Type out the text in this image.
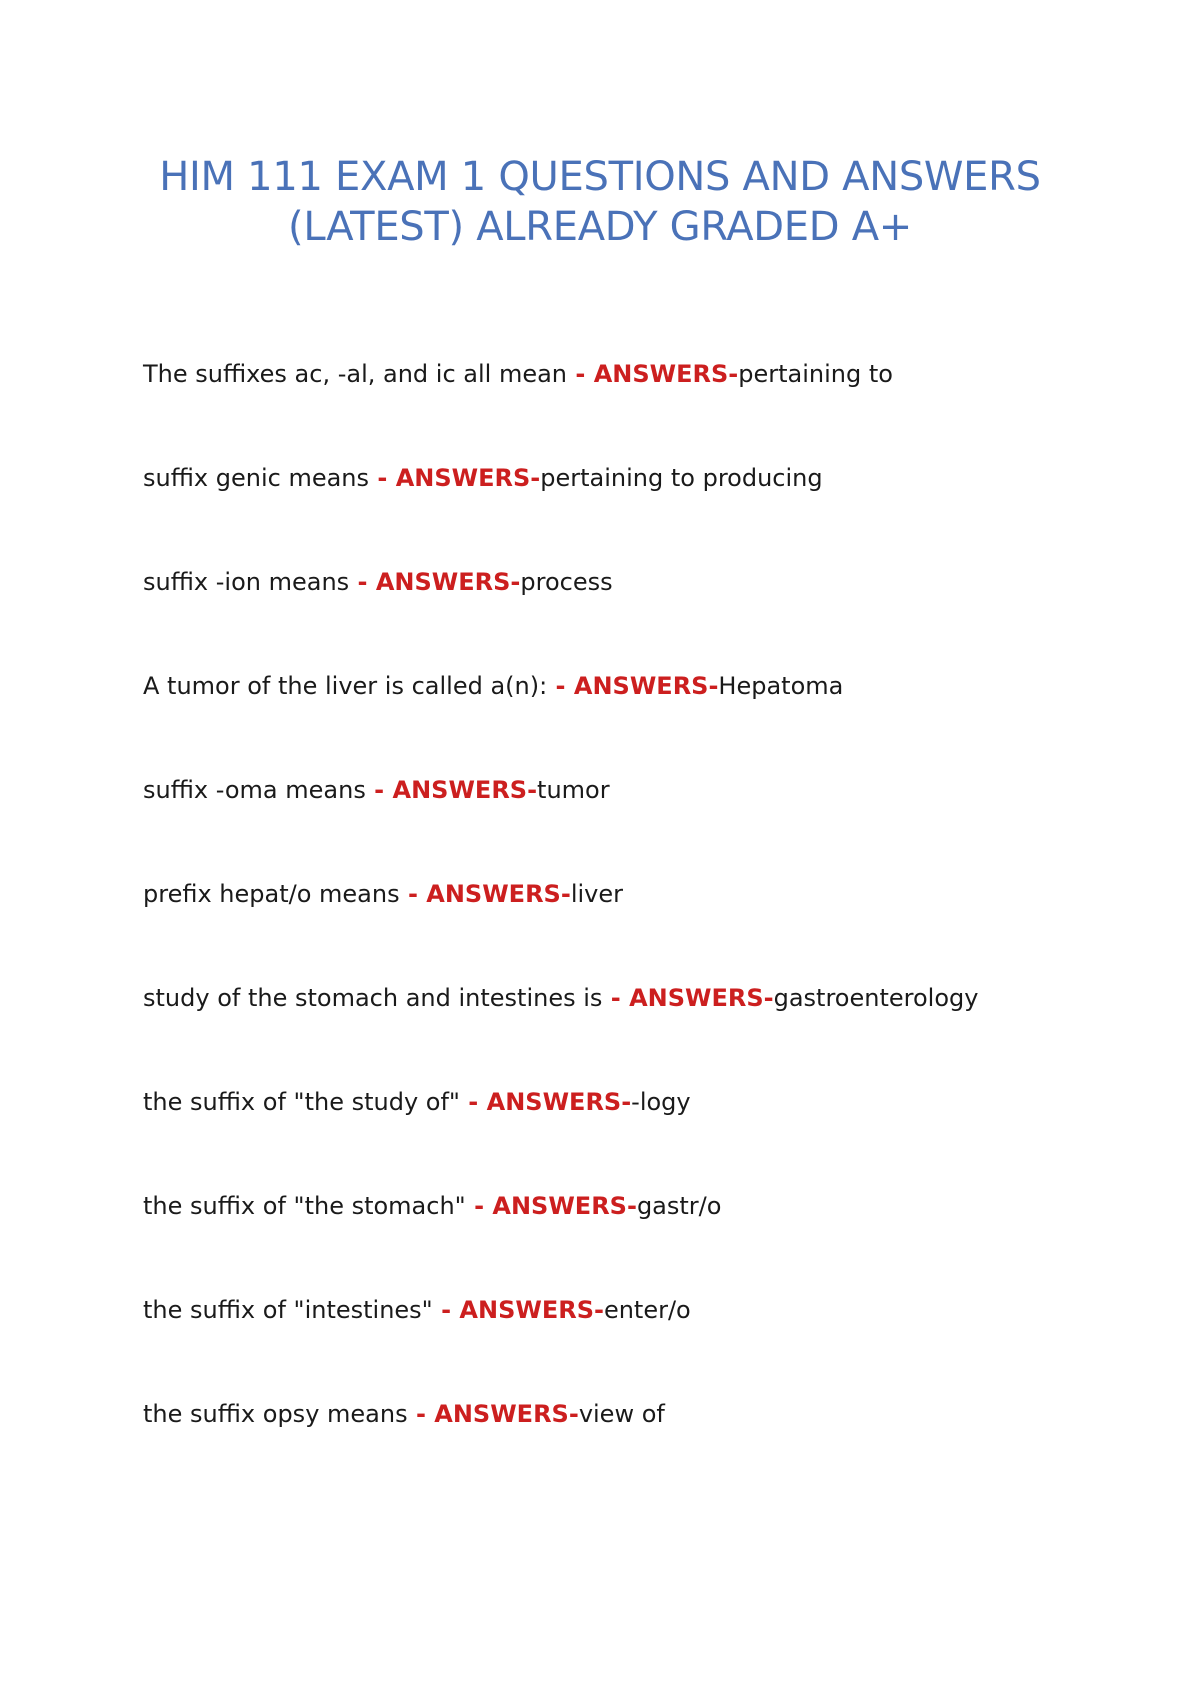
HIM 111 EXAM 1 QUESTIONS AND ANSWERS
(LATEST) ALREADY GRADED A+
The suffixes ac, -al, and ic all mean - ANSWERS-pertaining to
suffix genic means - ANSWERS-pertaining to producing
suffix -ion means - ANSWERS-process
A tumor of the liver is called a(n): - ANSWERS-Hepatoma
suffix -oma means - ANSWERS-tumor
prefix hepat/o means - ANSWERS-liver
study of the stomach and intestines is - ANSWERS-gastroenterology
the suffix of "the study of" - ANSWERS--logy
the suffix of "the stomach" - ANSWERS-gastr/o
the suffix of "intestines" - ANSWERS-enter/o
the suffix opsy means - ANSWERS-view of
